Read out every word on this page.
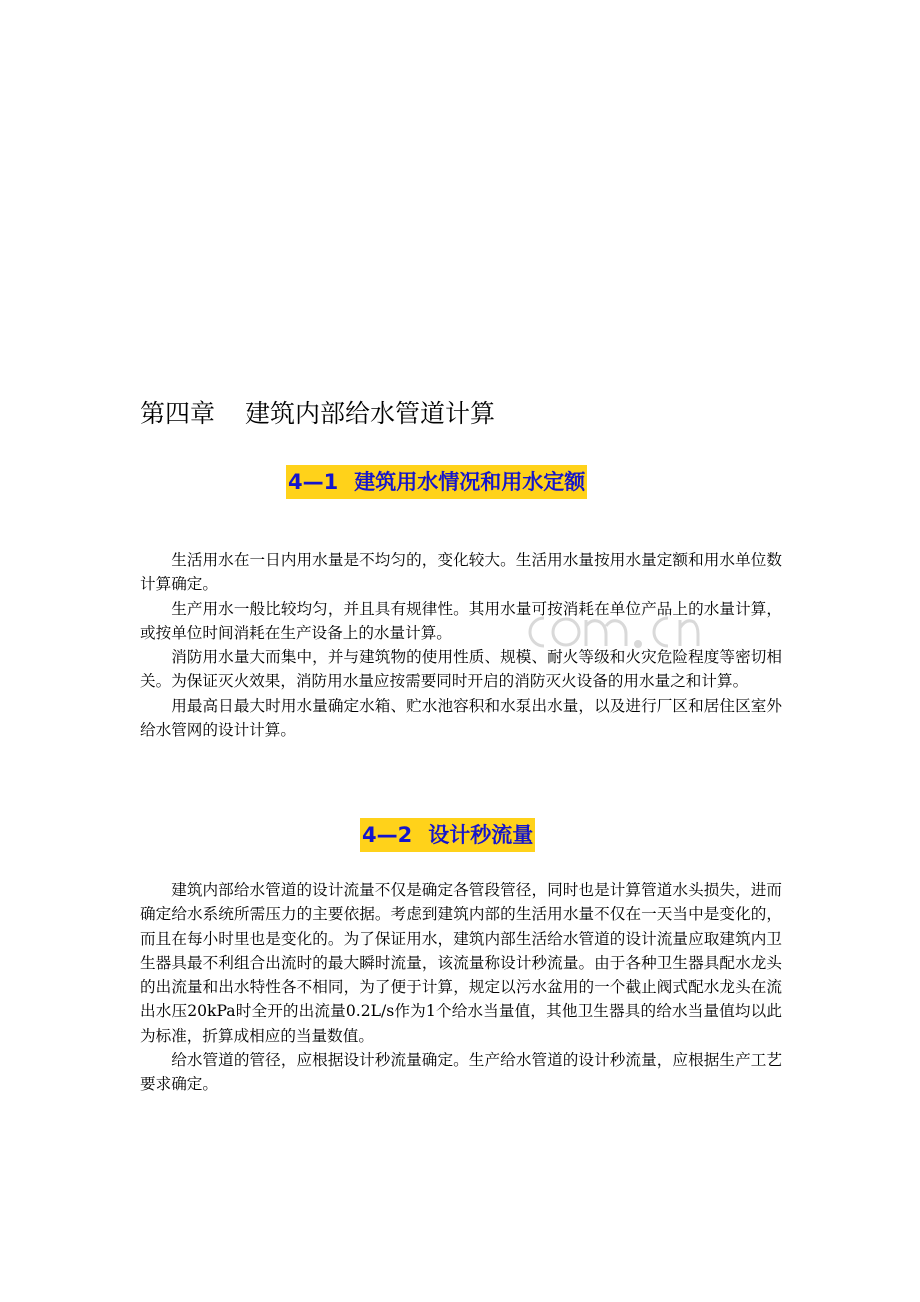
第四章 建筑内部给水管道计算
4—1 建筑用水情况和用水定额

生活用水在一日内用水量是不均匀的，变化较大。生活用水量按用水量定额和用水单位数计算确定。

生产用水一般比较均匀，并且具有规律性。其用水量可按消耗在单位产品上的水量计算，或按单位时间消耗在生产设备上的水量计算。

消防用水量大而集中，并与建筑物的使用性质、规模、耐火等级和火灾危险程度等密切相关。为保证灭火效果，消防用水量应按需要同时开启的消防灭火设备的用水量之和计算。

用最高日最大时用水量确定水箱、贮水池容积和水泵出水量，以及进行厂区和居住区室外给水管网的设计计算。

4—2 设计秒流量

建筑内部给水管道的设计流量不仅是确定各管段管径，同时也是计算管道水头损失，进而确定给水系统所需压力的主要依据。考虑到建筑内部的生活用水量不仅在一天当中是变化的，而且在每小时里也是变化的。为了保证用水，建筑内部生活给水管道的设计流量应取建筑内卫生器具最不利组合出流时的最大瞬时流量，该流量称设计秒流量。由于各种卫生器具配水龙头的出流量和出水特性各不相同，为了便于计算，规定以污水盆用的一个截止阀式配水龙头在流出水压20kPa时全开的出流量0.2L/s作为1个给水当量值，其他卫生器具的给水当量值均以此为标准，折算成相应的当量数值。

给水管道的管径，应根据设计秒流量确定。生产给水管道的设计秒流量，应根据生产工艺要求确定。
